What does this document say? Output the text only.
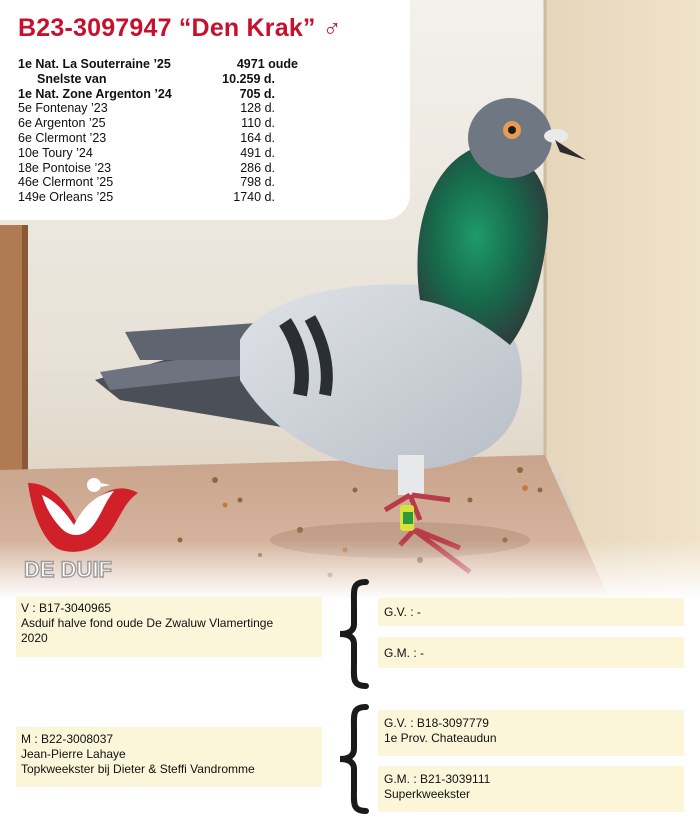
B23-3097947 “Den Krak” ♂
1e Nat. La Souterraine ’25	4971 oude
Snelste van	10.259 d.
1e Nat. Zone Argenton ’24	705 d.
5e Fontenay ’23	128 d.
6e Argenton ’25	110 d.
6e Clermont ’23	164 d.
10e Toury ’24	491 d.
18e Pontoise ’23	286 d.
46e Clermont ’25	798 d.
149e Orleans ’25	1740 d.
DE DUIF
V : B17-3040965
Asduif halve fond oude De Zwaluw Vlamertinge
2020
G.V. : -
G.M. : -
M : B22-3008037
Jean-Pierre Lahaye
Topkweekster bij Dieter & Steffi Vandromme
G.V. : B18-3097779
1e Prov. Chateaudun
G.M. : B21-3039111
Superkweekster
